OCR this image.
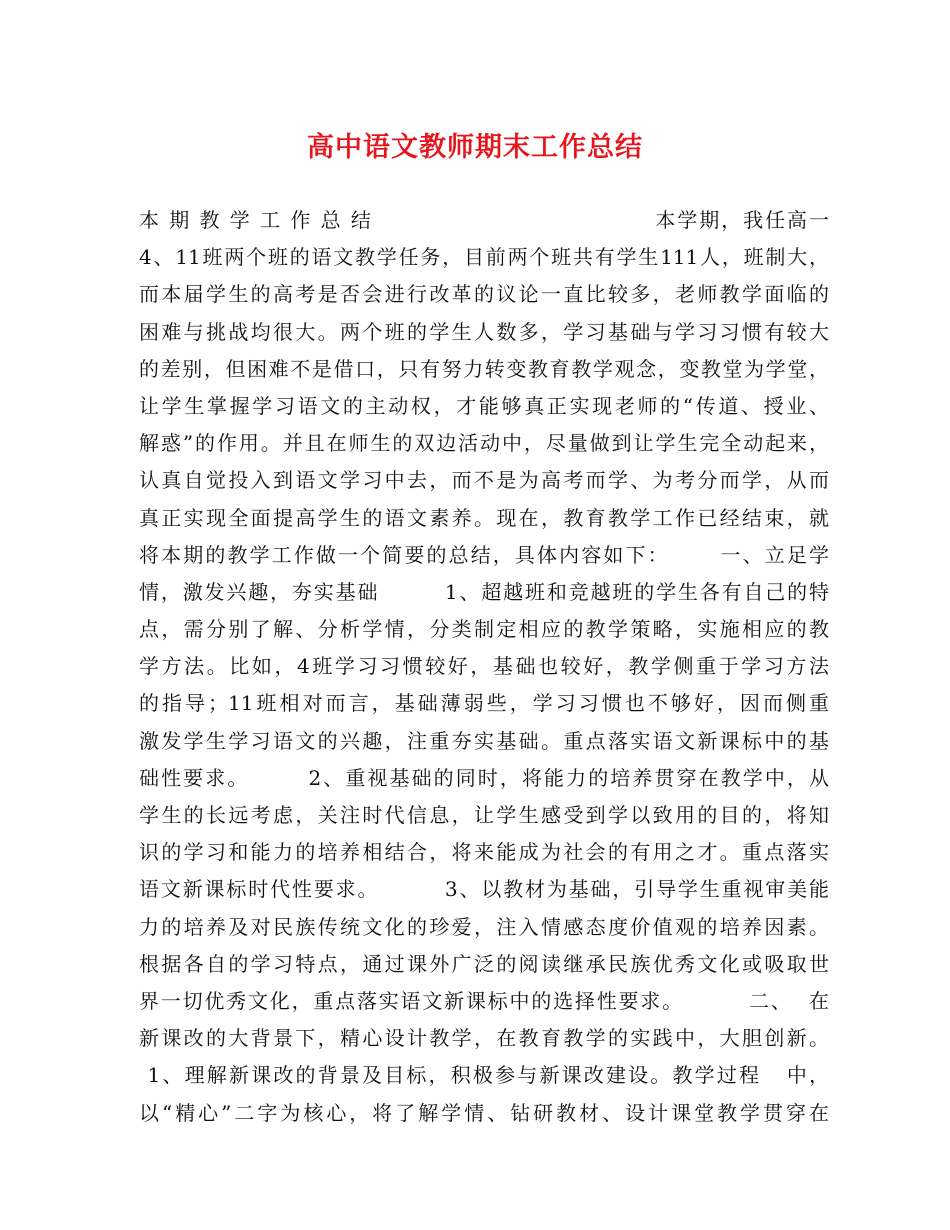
高中语文教师期末工作总结
本 期 教 学 工 作 总 结                                  本学期，我任高一
4、11班两个班的语文教学任务，目前两个班共有学生111人，班制大，
而本届学生的高考是否会进行改革的议论一直比较多，老师教学面临的
困难与挑战均很大。两个班的学生人数多，学习基础与学习习惯有较大
的差别，但困难不是借口，只有努力转变教育教学观念，变教堂为学堂，
让学生掌握学习语文的主动权，才能够真正实现老师的“传道、授业、
解惑”的作用。并且在师生的双边活动中，尽量做到让学生完全动起来，
认真自觉投入到语文学习中去，而不是为高考而学、为考分而学，从而
真正实现全面提高学生的语文素养。现在，教育教学工作已经结束，就
将本期的教学工作做一个简要的总结，具体内容如下：      一、立足学
情，激发兴趣，夯实基础        1、超越班和竞越班的学生各有自己的特
点，需分别了解、分析学情，分类制定相应的教学策略，实施相应的教
学方法。比如，4班学习习惯较好，基础也较好，教学侧重于学习方法
的指导；11班相对而言，基础薄弱些，学习习惯也不够好，因而侧重
激发学生学习语文的兴趣，注重夯实基础。重点落实语文新课标中的基
础性要求。       2、重视基础的同时，将能力的培养贯穿在教学中，从
学生的长远考虑，关注时代信息，让学生感受到学以致用的目的，将知
识的学习和能力的培养相结合，将来能成为社会的有用之才。重点落实
语文新课标时代性要求。        3、以教材为基础，引导学生重视审美能
力的培养及对民族传统文化的珍爱，注入情感态度价值观的培养因素。
根据各自的学习特点，通过课外广泛的阅读继承民族优秀文化或吸取世
界一切优秀文化，重点落实语文新课标中的选择性要求。        二、  在
新课改的大背景下，精心设计教学，在教育教学的实践中，大胆创新。
1、理解新课改的背景及目标，积极参与新课改建设。教学过程   中，
以“精心”二字为核心，将了解学情、钻研教材、设计课堂教学贯穿在
